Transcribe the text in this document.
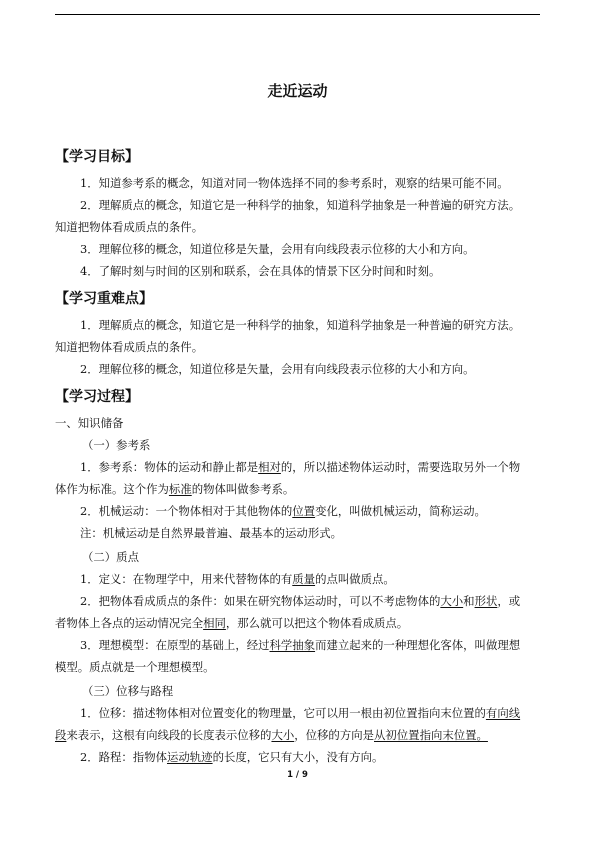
走近运动
【学习目标】
1．知道参考系的概念，知道对同一物体选择不同的参考系时，观察的结果可能不同。
2．理解质点的概念，知道它是一种科学的抽象，知道科学抽象是一种普遍的研究方法。
知道把物体看成质点的条件。
3．理解位移的概念，知道位移是矢量，会用有向线段表示位移的大小和方向。
4．了解时刻与时间的区别和联系，会在具体的情景下区分时间和时刻。
【学习重难点】
1．理解质点的概念，知道它是一种科学的抽象，知道科学抽象是一种普遍的研究方法。
知道把物体看成质点的条件。
2．理解位移的概念，知道位移是矢量，会用有向线段表示位移的大小和方向。
【学习过程】
一、知识储备
（一）参考系
1．参考系：物体的运动和静止都是相对的，所以描述物体运动时，需要选取另外一个物
体作为标准。这个作为标准的物体叫做参考系。
2．机械运动：一个物体相对于其他物体的位置变化，叫做机械运动，简称运动。
注：机械运动是自然界最普遍、最基本的运动形式。
（二）质点
1．定义：在物理学中，用来代替物体的有质量的点叫做质点。
2．把物体看成质点的条件：如果在研究物体运动时，可以不考虑物体的大小和形状，或
者物体上各点的运动情况完全相同，那么就可以把这个物体看成质点。
3．理想模型：在原型的基础上，经过科学抽象而建立起来的一种理想化客体，叫做理想
模型。质点就是一个理想模型。
（三）位移与路程
1．位移：描述物体相对位置变化的物理量，它可以用一根由初位置指向末位置的有向线
段来表示，这根有向线段的长度表示位移的大小，位移的方向是从初位置指向末位置。
2．路程：指物体运动轨迹的长度，它只有大小，没有方向。
1 / 9
